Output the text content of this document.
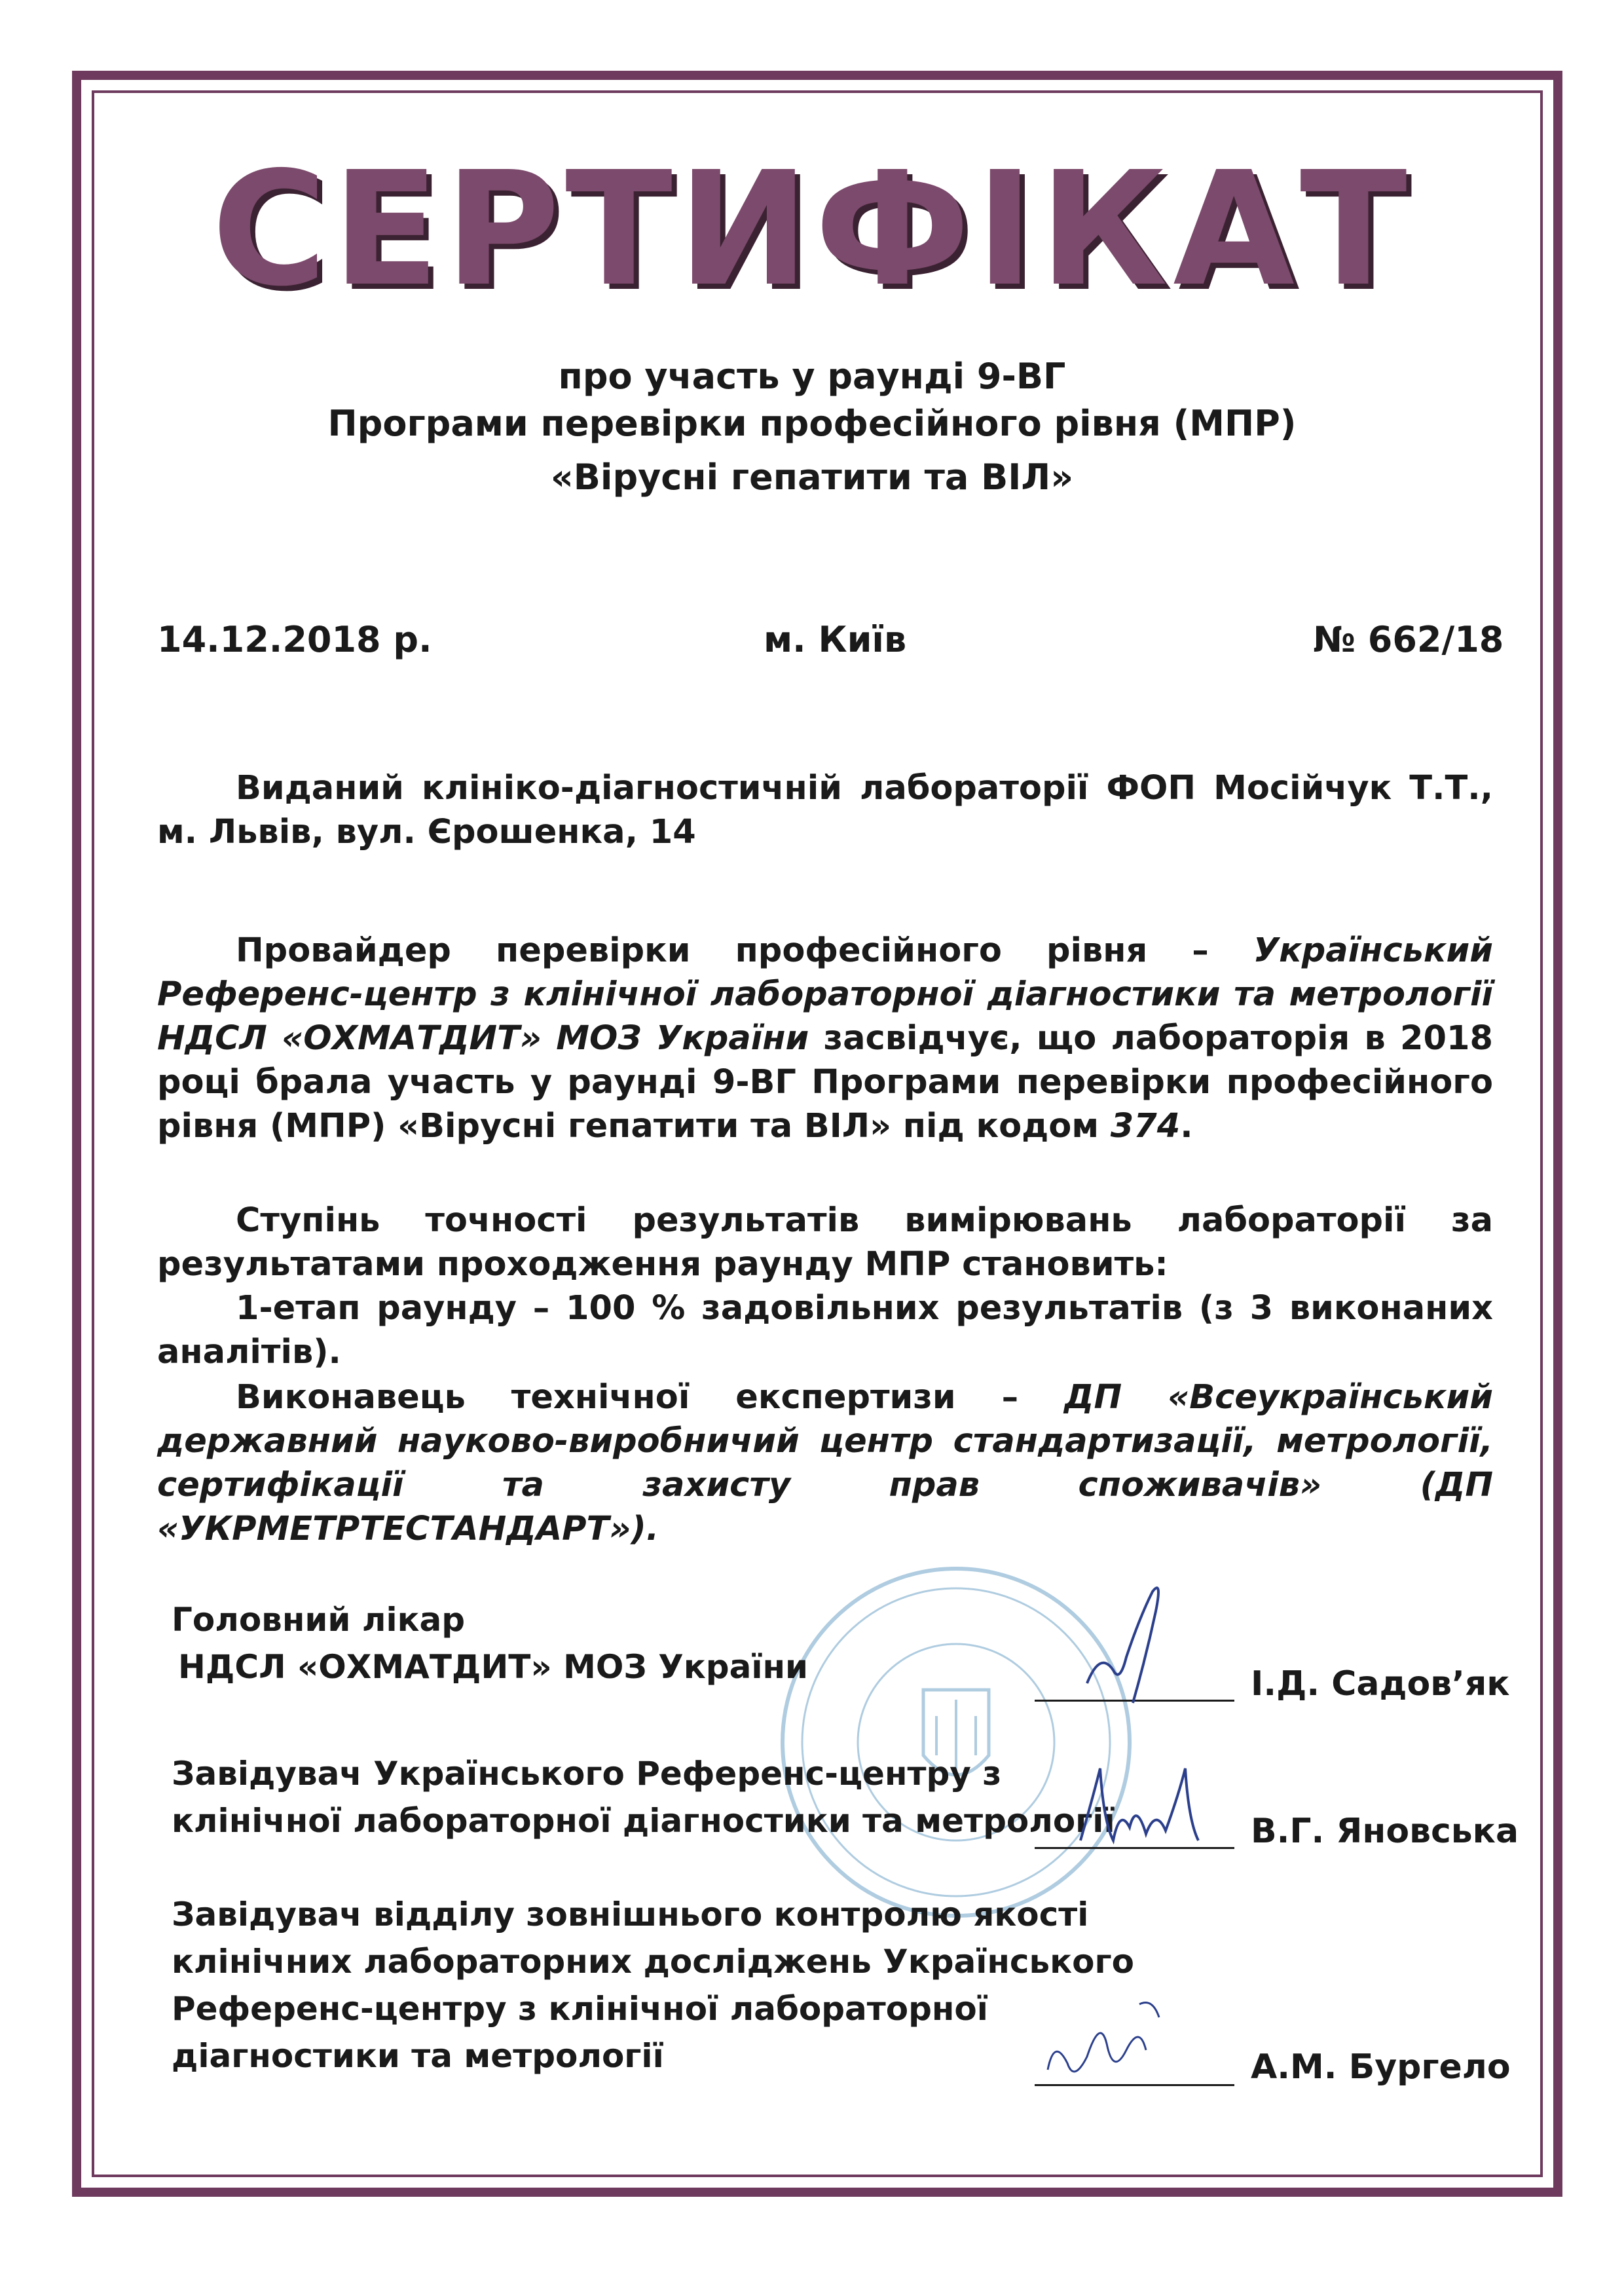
СЕРТИФІКАТ
про участь у раунді 9-ВГ
Програми перевірки професійного рівня (МПР)
«Вірусні гепатити та ВІЛ»
14.12.2018 р.	м. Київ	№ 662/18

Виданий клініко-діагностичній лабораторії ФОП Мосійчук Т.Т.,

м. Львів, вул. Єрошенка, 14

Провайдер перевірки професійного рівня – Український Референс-центр з клінічної лабораторної діагностики та метрології НДСЛ «ОХМАТДИТ» МОЗ України засвідчує, що лабораторія в 2018 році брала участь у раунді 9-ВГ Програми перевірки професійного рівня (МПР) «Вірусні гепатити та ВІЛ» під кодом 374.

Ступінь точності результатів вимірювань лабораторії за результатами проходження раунду МПР становить:

1-етап раунду – 100 % задовільних результатів (з 3 виконаних аналітів).

Виконавець технічної експертизи – ДП «Всеукраїнський державний науково-виробничий центр стандартизації, метрології, сертифікації та захисту прав споживачів» (ДП «УКРМЕТРТЕСТАНДАРТ»).

Головний лікар
НДСЛ «ОХМАТДИТ» МОЗ України	І.Д. Садов’як
Завідувач Українського Референс-центру з
клінічної лабораторної діагностики та метрології	В.Г. Яновська
Завідувач відділу зовнішнього контролю якості
клінічних лабораторних досліджень Українського
Референс-центру з клінічної лабораторної
діагностики та метрології	А.М. Бургело
